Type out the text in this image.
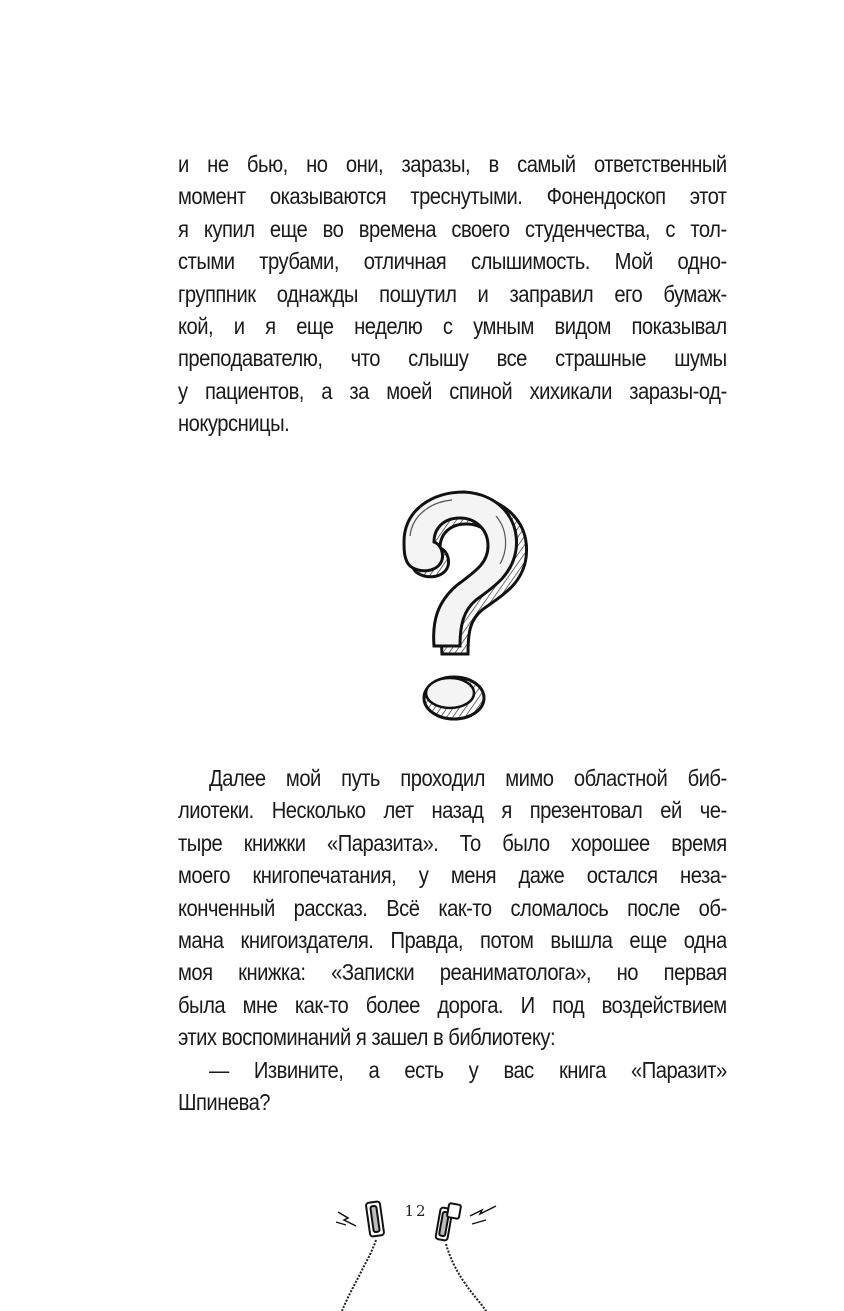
и не бью, но они, заразы, в самый ответственный
момент оказываются треснутыми. Фонендоскоп этот
я купил еще во времена своего студенчества, с тол-
стыми трубами, отличная слышимость. Мой одно-
группник однажды пошутил и заправил его бумаж-
кой, и я еще неделю с умным видом показывал
преподавателю, что слышу все страшные шумы
у пациентов, а за моей спиной хихикали заразы-од-
нокурсницы.
Далее мой путь проходил мимо областной биб-
лиотеки. Несколько лет назад я презентовал ей че-
тыре книжки «Паразита». То было хорошее время
моего книгопечатания, у меня даже остался неза-
конченный рассказ. Всё как-то сломалось после об-
мана книгоиздателя. Правда, потом вышла еще одна
моя книжка: «Записки реаниматолога», но первая
была мне как-то более дорога. И под воздействием
этих воспоминаний я зашел в библиотеку:
— Извините, а есть у вас книга «Паразит»
Шпинева?
12
